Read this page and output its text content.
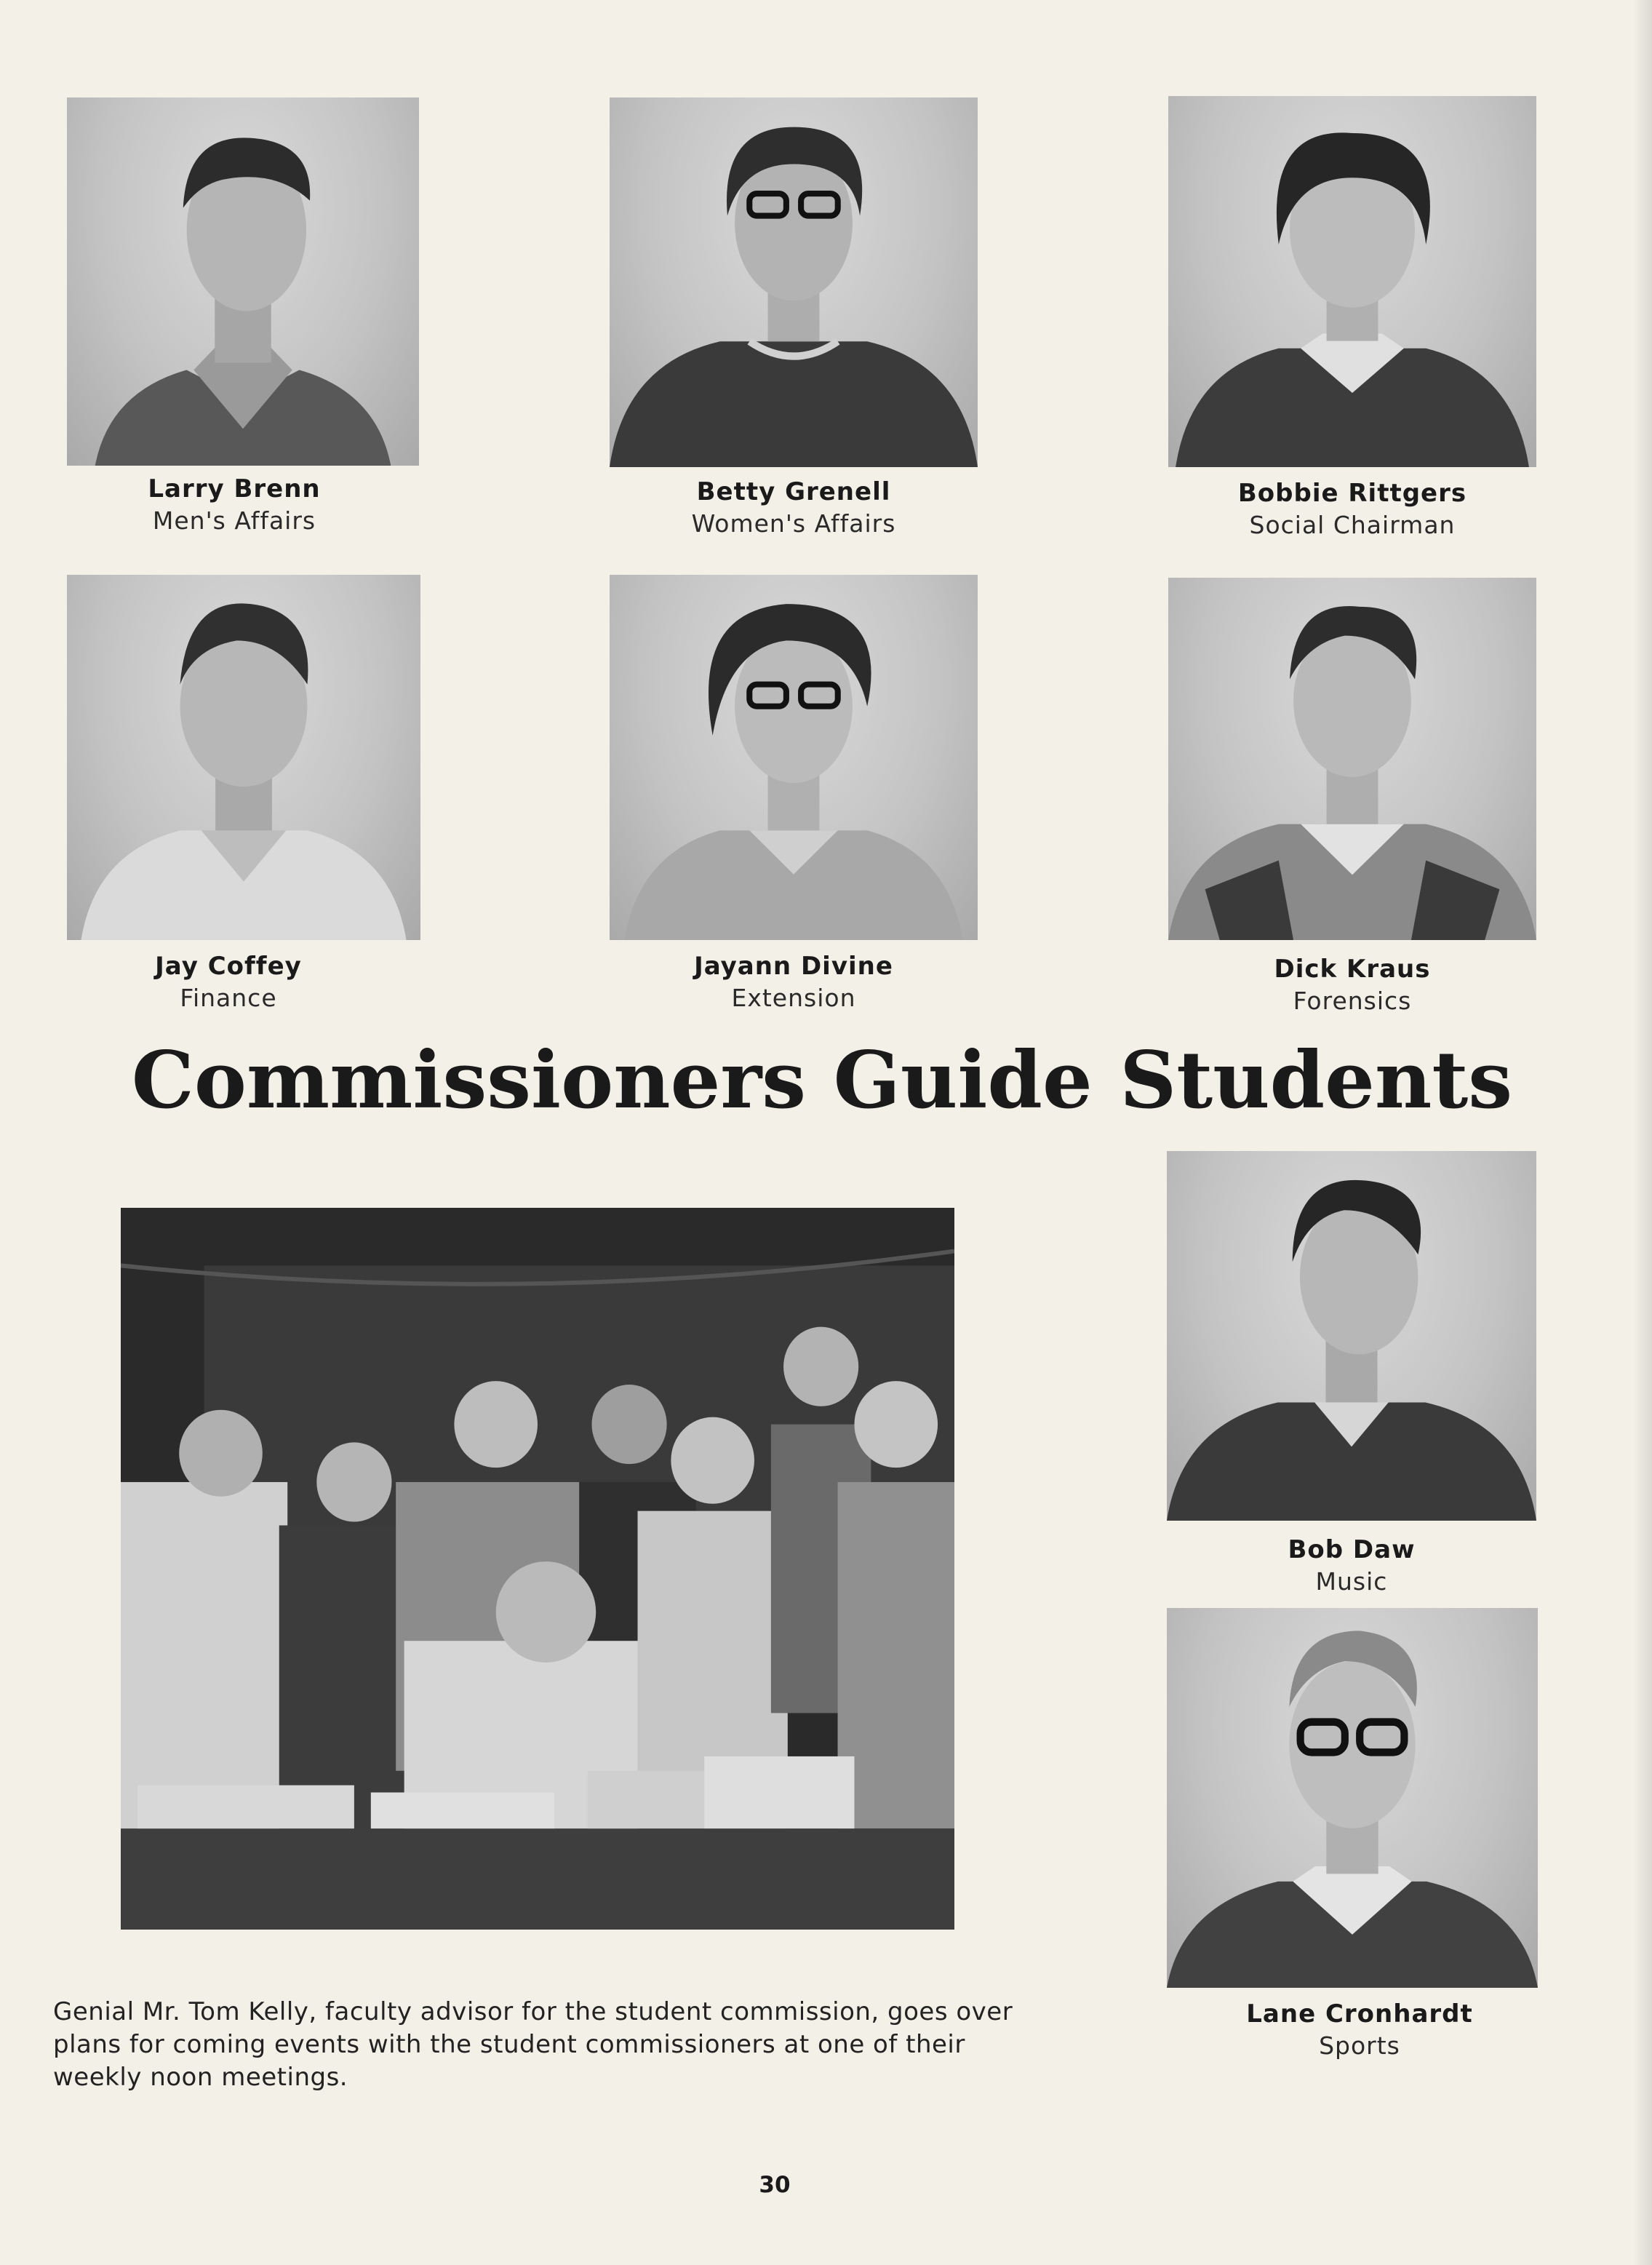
Larry Brenn
Men's Affairs
Betty Grenell
Women's Affairs
Bobbie Rittgers
Social Chairman
Jay Coffey
Finance
Jayann Divine
Extension
Dick Kraus
Forensics
Commissioners Guide Students

Genial Mr. Tom Kelly, faculty advisor for the student commission, goes over plans for coming events with the student commissioners at one of their weekly noon meetings.

Bob Daw
Music
Lane Cronhardt
Sports
30
